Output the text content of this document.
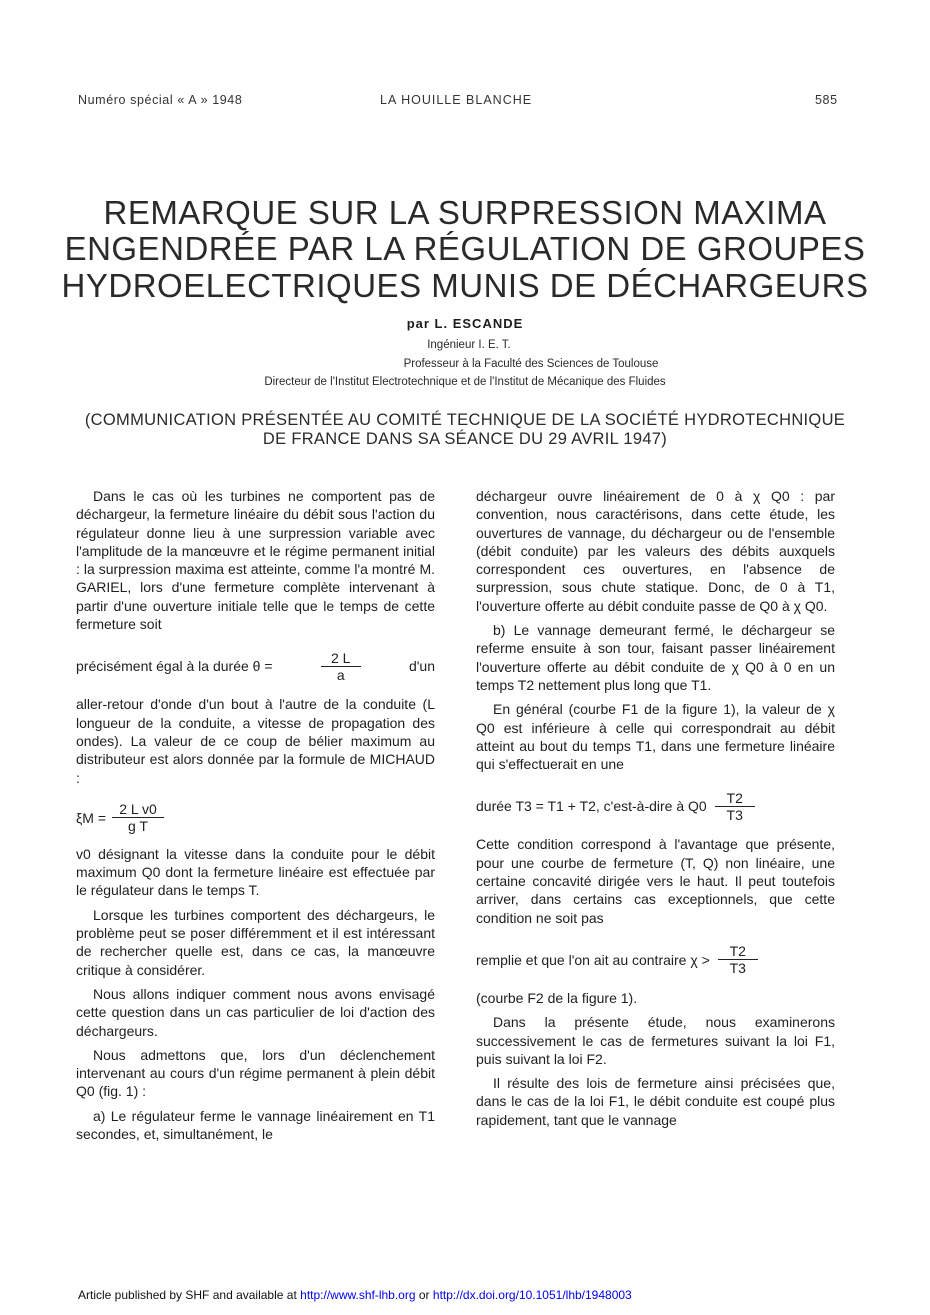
Numéro spécial « A » 1948	LA HOUILLE BLANCHE	585
REMARQUE SUR LA SURPRESSION MAXIMA
ENGENDRÉE PAR LA RÉGULATION DE GROUPES
HYDROELECTRIQUES MUNIS DE DÉCHARGEURS
par L. ESCANDE
Ingénieur I. E. T.
Professeur à la Faculté des Sciences de Toulouse
Directeur de l'Institut Electrotechnique et de l'Institut de Mécanique des Fluides
(COMMUNICATION PRÉSENTÉE AU COMITÉ TECHNIQUE DE LA SOCIÉTÉ HYDROTECHNIQUE
DE FRANCE DANS SA SÉANCE DU 29 AVRIL 1947)

Dans le cas où les turbines ne comportent pas de déchargeur, la fermeture linéaire du débit sous l'action du régulateur donne lieu à une surpression variable avec l'amplitude de la manœuvre et le régime permanent initial : la surpression maxima est atteinte, comme l'a montré M. GARIEL, lors d'une fermeture complète intervenant à partir d'une ouverture initiale telle que le temps de cette fermeture soit

précisément égal à la durée θ =	$\frac{2 L}{a}$	d'un

aller-retour d'onde d'un bout à l'autre de la conduite (L longueur de la conduite, a vitesse de propagation des ondes). La valeur de ce coup de bélier maximum au distributeur est alors donnée par la formule de MICHAUD :

$\xi M = \frac{\text{2 L v0}}{\text{g T}}$

v0 désignant la vitesse dans la conduite pour le débit maximum Q0 dont la fermeture linéaire est effectuée par le régulateur dans le temps T.

Lorsque les turbines comportent des déchargeurs, le problème peut se poser différemment et il est intéressant de rechercher quelle est, dans ce cas, la manœuvre critique à considérer.

Nous allons indiquer comment nous avons envisagé cette question dans un cas particulier de loi d'action des déchargeurs.

Nous admettons que, lors d'un déclenchement intervenant au cours d'un régime permanent à plein débit Q0 (fig. 1) :

a) Le régulateur ferme le vannage linéairement en T1 secondes, et, simultanément, le

déchargeur ouvre linéairement de 0 à χ Q0 : par convention, nous caractérisons, dans cette étude, les ouvertures de vannage, du déchargeur ou de l'ensemble (débit conduite) par les valeurs des débits auxquels correspondent ces ouvertures, en l'absence de surpression, sous chute statique. Donc, de 0 à T1, l'ouverture offerte au débit conduite passe de Q0 à χ Q0.

b) Le vannage demeurant fermé, le déchargeur se referme ensuite à son tour, faisant passer linéairement l'ouverture offerte au débit conduite de χ Q0 à 0 en un temps T2 nettement plus long que T1.

En général (courbe F1 de la figure 1), la valeur de χ Q0 est inférieure à celle qui correspondrait au débit atteint au bout du temps T1, dans une fermeture linéaire qui s'effectuerait en une

durée T3 = T1 + T2, c'est-à-dire à $Q0 \frac{T2}{T3}$

Cette condition correspond à l'avantage que présente, pour une courbe de fermeture (T, Q) non linéaire, une certaine concavité dirigée vers le haut. Il peut toutefois arriver, dans certains cas exceptionnels, que cette condition ne soit pas

remplie et que l'on ait au contraire $\chi > \frac{T2}{T3}$

(courbe F2 de la figure 1).

Dans la présente étude, nous examinerons successivement le cas de fermetures suivant la loi F1, puis suivant la loi F2.

Il résulte des lois de fermeture ainsi précisées que, dans le cas de la loi F1, le débit conduite est coupé plus rapidement, tant que le vannage

Article published by SHF and available at http://www.shf-lhb.org or http://dx.doi.org/10.1051/lhb/1948003
